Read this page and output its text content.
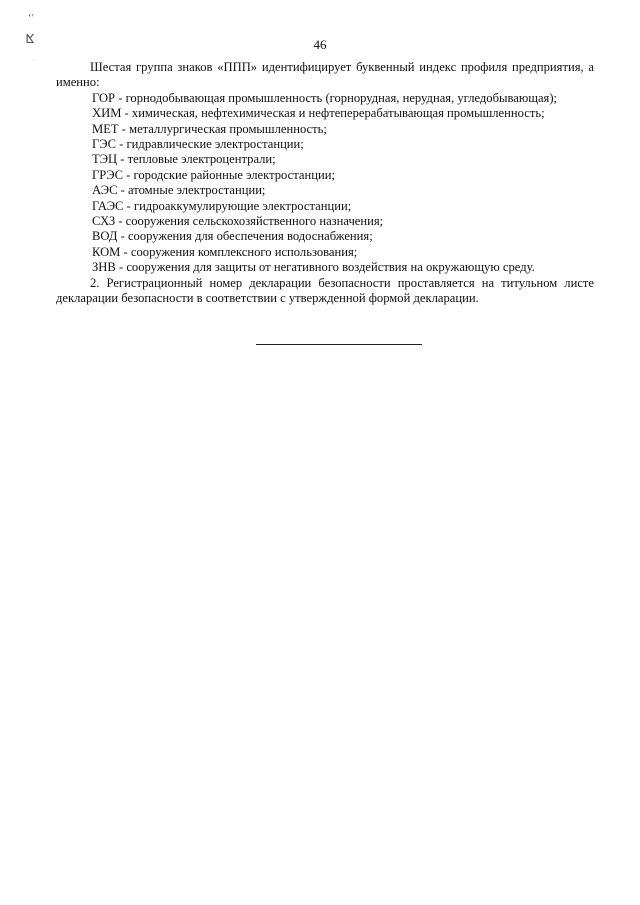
ʻ'
ⴿ
·
46

Шестая группа знаков «ППП» идентифицирует буквенный индекс профиля предприятия, а именно:

ГОР - горнодобывающая промышленность (горнорудная, нерудная, угледобывающая);
ХИМ - химическая, нефтехимическая и нефтеперерабатывающая промышленность;
МЕТ - металлургическая промышленность;
ГЭС - гидравлические электростанции;
ТЭЦ - тепловые электроцентрали;
ГРЭС - городские районные электростанции;
АЭС - атомные электростанции;
ГАЭС - гидроаккумулирующие электростанции;
СХЗ - сооружения сельскохозяйственного назначения;
ВОД - сооружения для обеспечения водоснабжения;
КОМ - сооружения комплексного использования;
ЗНВ - сооружения для защиты от негативного воздействия на окружающую среду.

2. Регистрационный номер декларации безопасности проставляется на титульном листе декларации безопасности в соответствии с утвержденной формой декларации.
